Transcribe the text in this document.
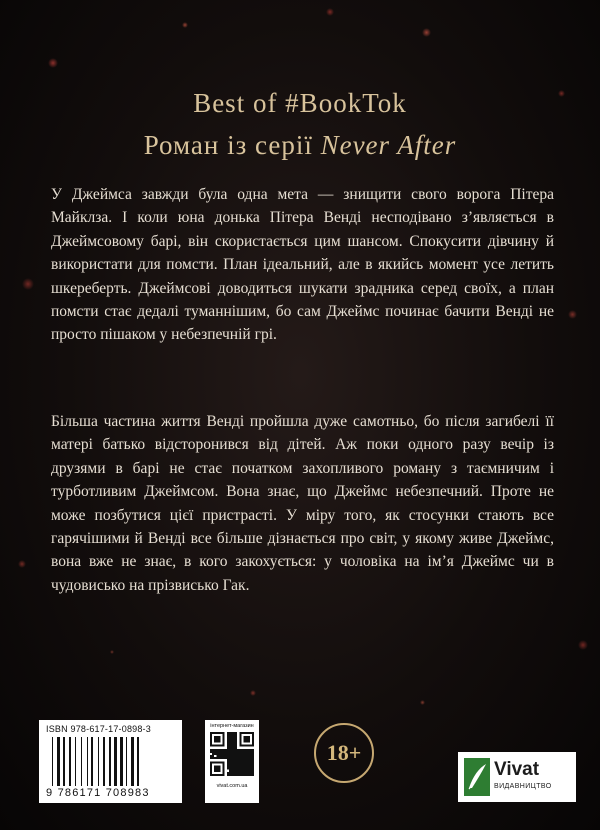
Best of #BookTok
Роман із серії Never After

У Джеймса завжди була одна мета — знищити свого ворога Пітера Майклза. І коли юна донька Пітера Венді несподівано з’являється в Джеймсовому барі, він скористається цим шансом. Спокусити дівчину й використати для помсти. План ідеальний, але в якийсь момент усе летить шкереберть. Джеймсові доводиться шукати зрадника серед своїх, а план помсти стає дедалі туманнішим, бо сам Джеймс починає бачити Венді не просто пішаком у небезпечній грі.

Більша частина життя Венді пройшла дуже самотньо, бо після загибелі її матері батько відсторонився від дітей. Аж поки одного разу вечір із друзями в барі не стає початком захопливого роману з таємничим і турботливим Джеймсом. Вона знає, що Джеймс небезпечний. Проте не може позбутися цієї пристрасті. У міру того, як стосунки стають все гарячішими й Венді все більше дізнається про світ, у якому живе Джеймс, вона вже не знає, в кого закохується: у чоловіка на ім’я Джеймс чи в чудовисько на прізвисько Гак.

ISBN 978-617-17-0898-3
9 786171 708983
інтернет-магазин
vivat.com.ua
18+
Vivat
ВИДАВНИЦТВО
